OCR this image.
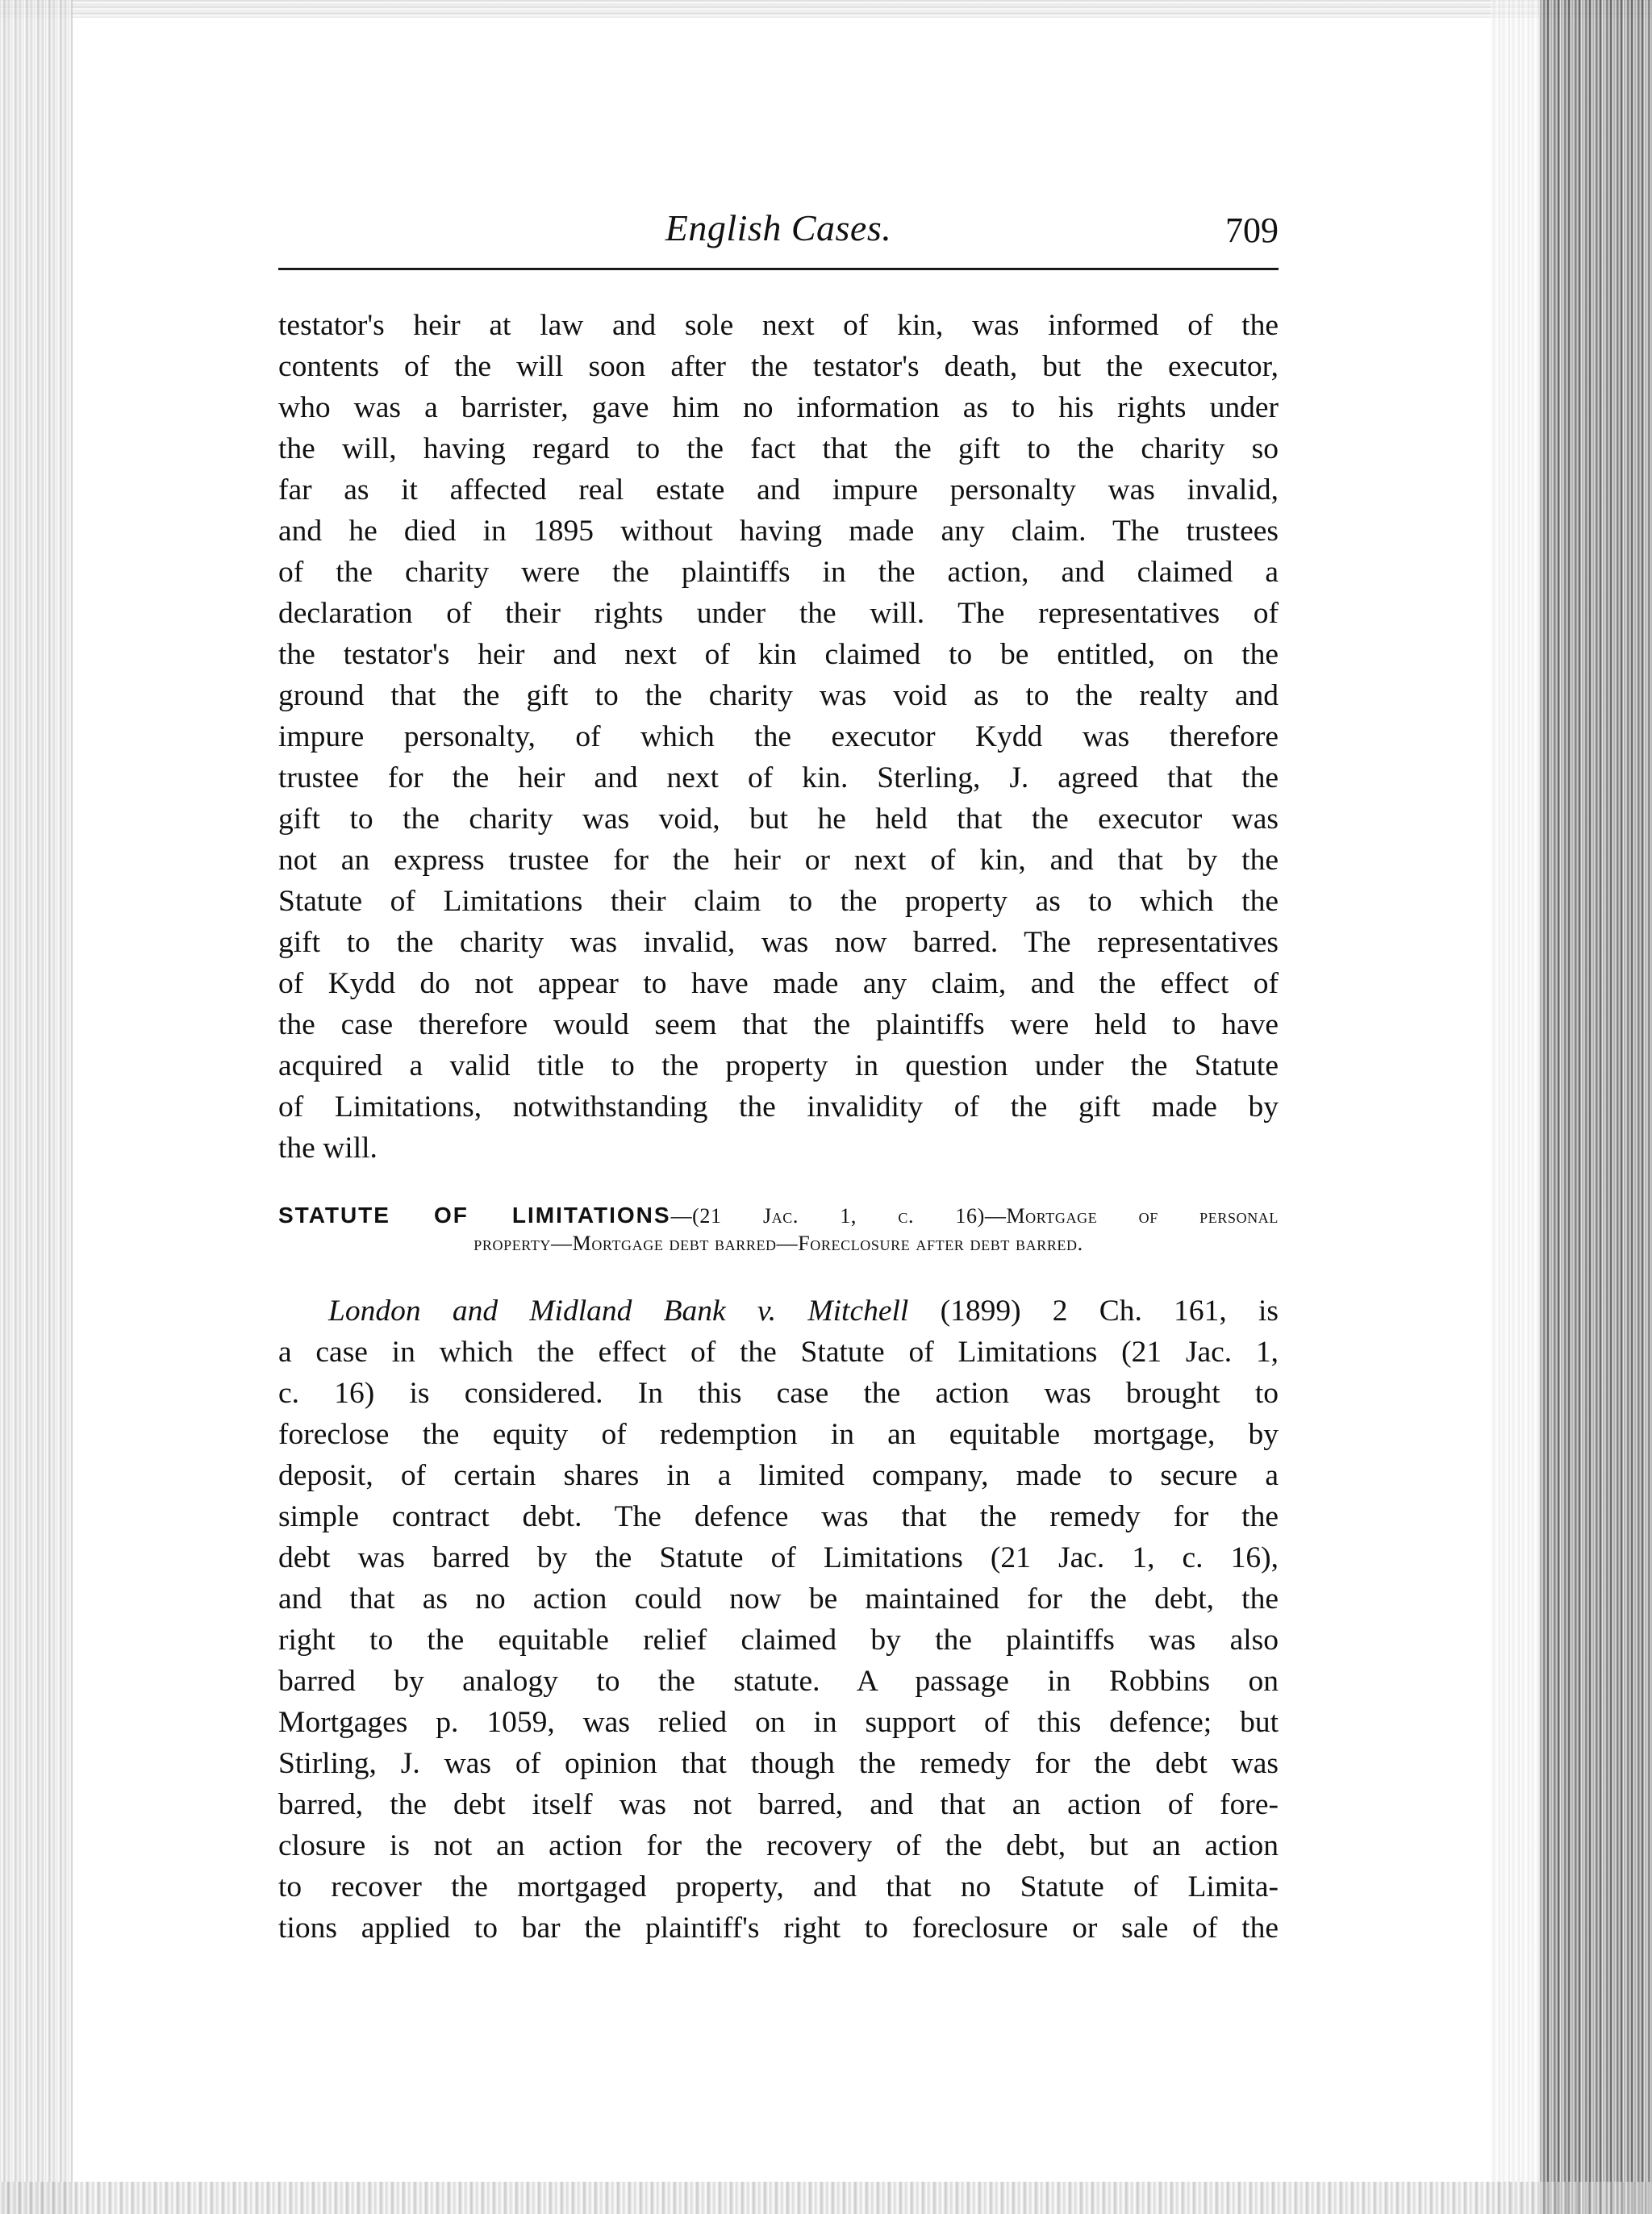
English Cases.	709
testator's heir at law and sole next of kin, was informed of the
contents of the will soon after the testator's death, but the executor,
who was a barrister, gave him no information as to his rights under
the will, having regard to the fact that the gift to the charity so
far as it affected real estate and impure personalty was invalid,
and he died in 1895 without having made any claim. The trustees
of the charity were the plaintiffs in the action, and claimed a
declaration of their rights under the will. The representatives of
the testator's heir and next of kin claimed to be entitled, on the
ground that the gift to the charity was void as to the realty and
impure personalty, of which the executor Kydd was therefore
trustee for the heir and next of kin. Sterling, J. agreed that the
gift to the charity was void, but he held that the executor was
not an express trustee for the heir or next of kin, and that by the
Statute of Limitations their claim to the property as to which the
gift to the charity was invalid, was now barred. The representatives
of Kydd do not appear to have made any claim, and the effect of
the case therefore would seem that the plaintiffs were held to have
acquired a valid title to the property in question under the Statute
of Limitations, notwithstanding the invalidity of the gift made by
the will.
STATUTE OF LIMITATIONS—(21 Jac. 1, c. 16)—Mortgage of personal
property—Mortgage debt barred—Foreclosure after debt barred.
London and Midland Bank v. Mitchell (1899) 2 Ch. 161, is
a case in which the effect of the Statute of Limitations (21 Jac. 1,
c. 16) is considered. In this case the action was brought to
foreclose the equity of redemption in an equitable mortgage, by
deposit, of certain shares in a limited company, made to secure a
simple contract debt. The defence was that the remedy for the
debt was barred by the Statute of Limitations (21 Jac. 1, c. 16),
and that as no action could now be maintained for the debt, the
right to the equitable relief claimed by the plaintiffs was also
barred by analogy to the statute. A passage in Robbins on
Mortgages p. 1059, was relied on in support of this defence; but
Stirling, J. was of opinion that though the remedy for the debt was
barred, the debt itself was not barred, and that an action of fore-
closure is not an action for the recovery of the debt, but an action
to recover the mortgaged property, and that no Statute of Limita-
tions applied to bar the plaintiff's right to foreclosure or sale of the
